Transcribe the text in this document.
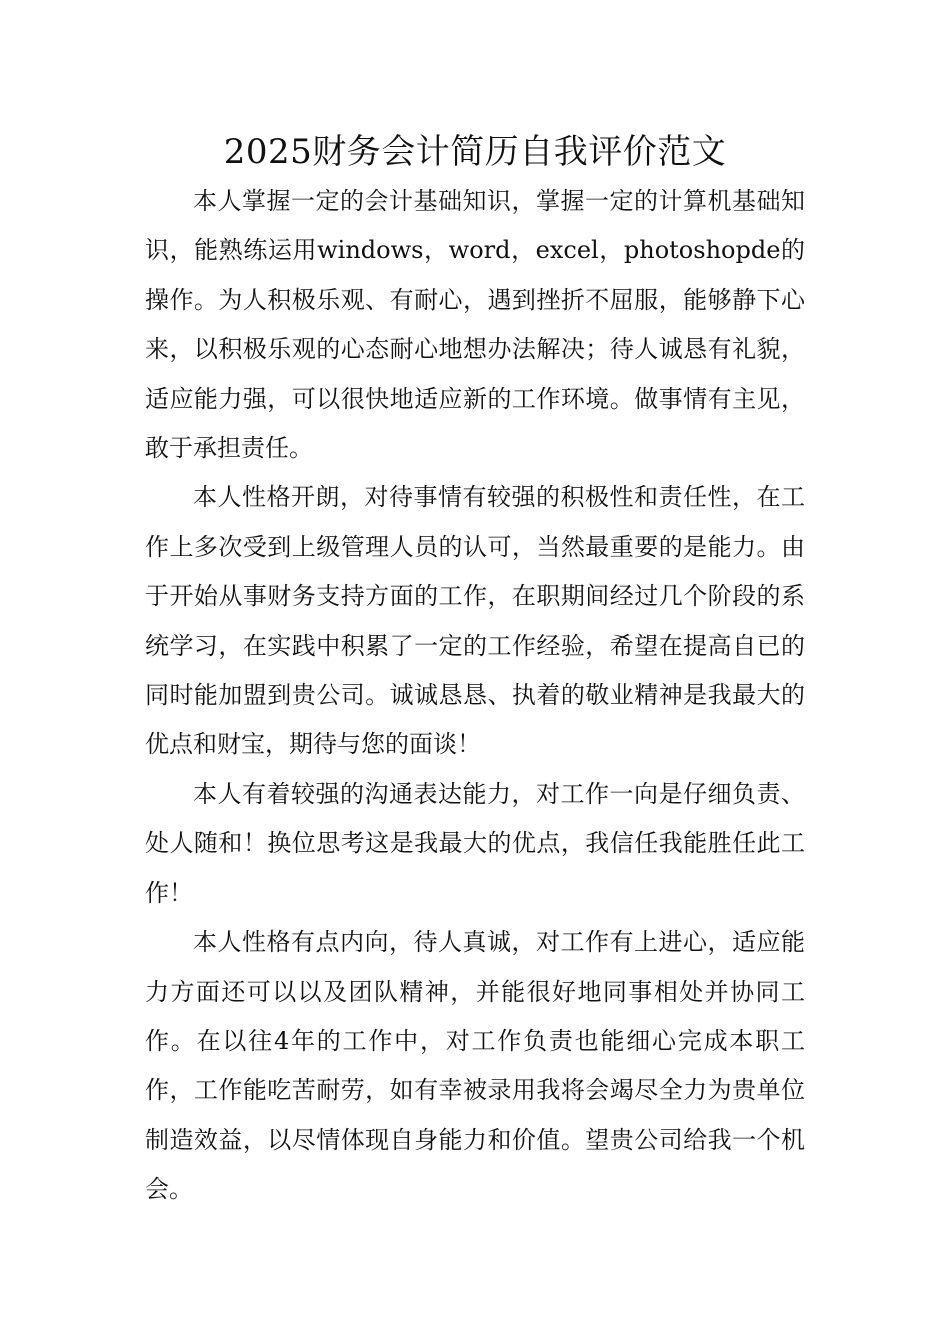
2025财务会计简历自我评价范文

本人掌握一定的会计基础知识，掌握一定的计算机基础知识，能熟练运用windows，word，excel，photoshopde的操作。为人积极乐观、有耐心，遇到挫折不屈服，能够静下心来，以积极乐观的心态耐心地想办法解决；待人诚恳有礼貌，适应能力强，可以很快地适应新的工作环境。做事情有主见，敢于承担责任。

本人性格开朗，对待事情有较强的积极性和责任性，在工作上多次受到上级管理人员的认可，当然最重要的是能力。由于开始从事财务支持方面的工作，在职期间经过几个阶段的系统学习，在实践中积累了一定的工作经验，希望在提高自已的同时能加盟到贵公司。诚诚恳恳、执着的敬业精神是我最大的优点和财宝，期待与您的面谈！

本人有着较强的沟通表达能力，对工作一向是仔细负责、处人随和！换位思考这是我最大的优点，我信任我能胜任此工作！

本人性格有点内向，待人真诚，对工作有上进心，适应能力方面还可以以及团队精神，并能很好地同事相处并协同工作。在以往4年的工作中，对工作负责也能细心完成本职工作，工作能吃苦耐劳，如有幸被录用我将会竭尽全力为贵单位制造效益，以尽情体现自身能力和价值。望贵公司给我一个机会。
